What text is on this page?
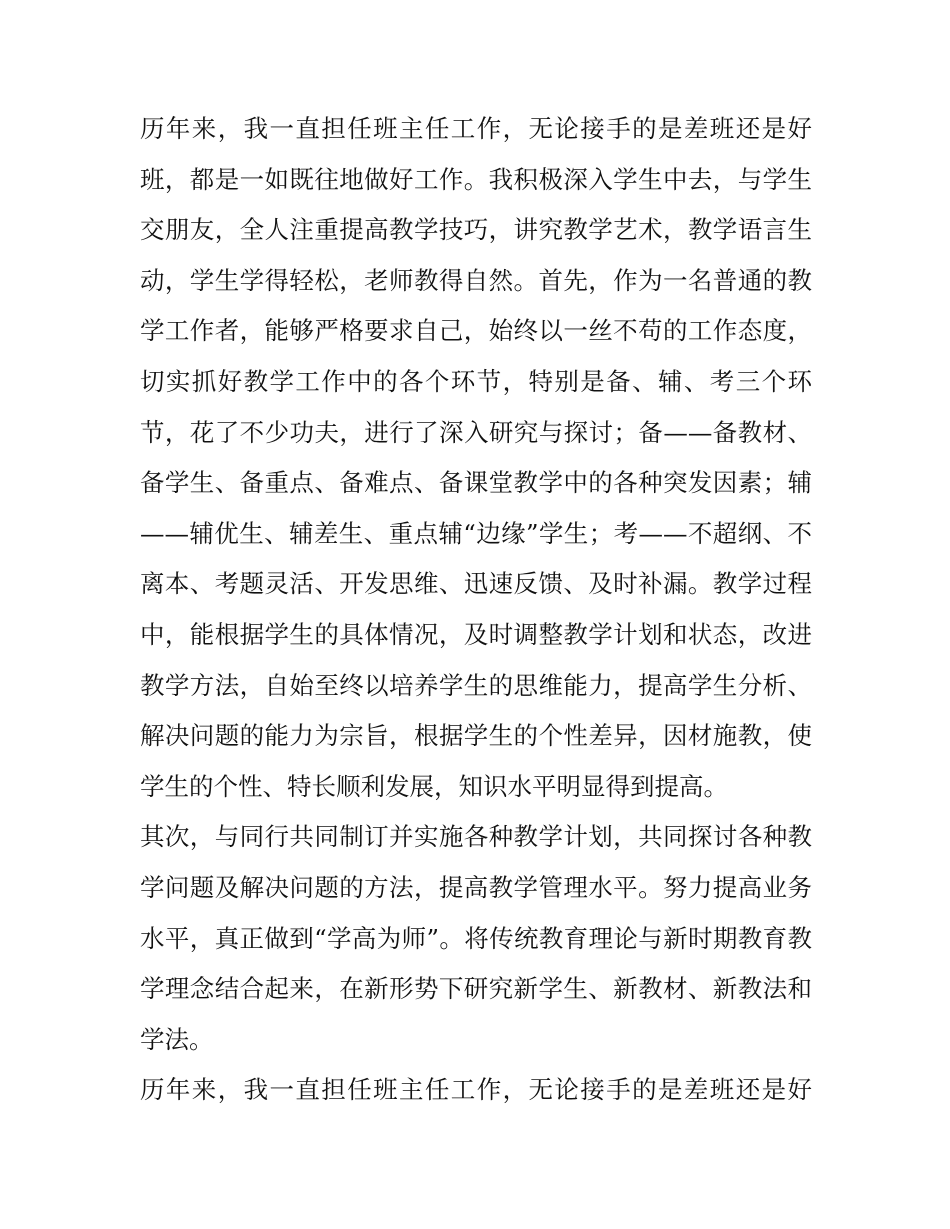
历年来，我一直担任班主任工作，无论接手的是差班还是好
班，都是一如既往地做好工作。我积极深入学生中去，与学生
交朋友，全人注重提高教学技巧，讲究教学艺术，教学语言生
动，学生学得轻松，老师教得自然。首先，作为一名普通的教
学工作者，能够严格要求自己，始终以一丝不苟的工作态度，
切实抓好教学工作中的各个环节，特别是备、辅、考三个环
节，花了不少功夫，进行了深入研究与探讨；备——备教材、
备学生、备重点、备难点、备课堂教学中的各种突发因素；辅
——辅优生、辅差生、重点辅“边缘”学生；考——不超纲、不
离本、考题灵活、开发思维、迅速反馈、及时补漏。教学过程
中，能根据学生的具体情况，及时调整教学计划和状态，改进
教学方法，自始至终以培养学生的思维能力，提高学生分析、
解决问题的能力为宗旨，根据学生的个性差异，因材施教，使
学生的个性、特长顺利发展，知识水平明显得到提高。

其次，与同行共同制订并实施各种教学计划，共同探讨各种教
学问题及解决问题的方法，提高教学管理水平。努力提高业务
水平，真正做到“学高为师”。将传统教育理论与新时期教育教
学理念结合起来，在新形势下研究新学生、新教材、新教法和
学法。

历年来，我一直担任班主任工作，无论接手的是差班还是好
